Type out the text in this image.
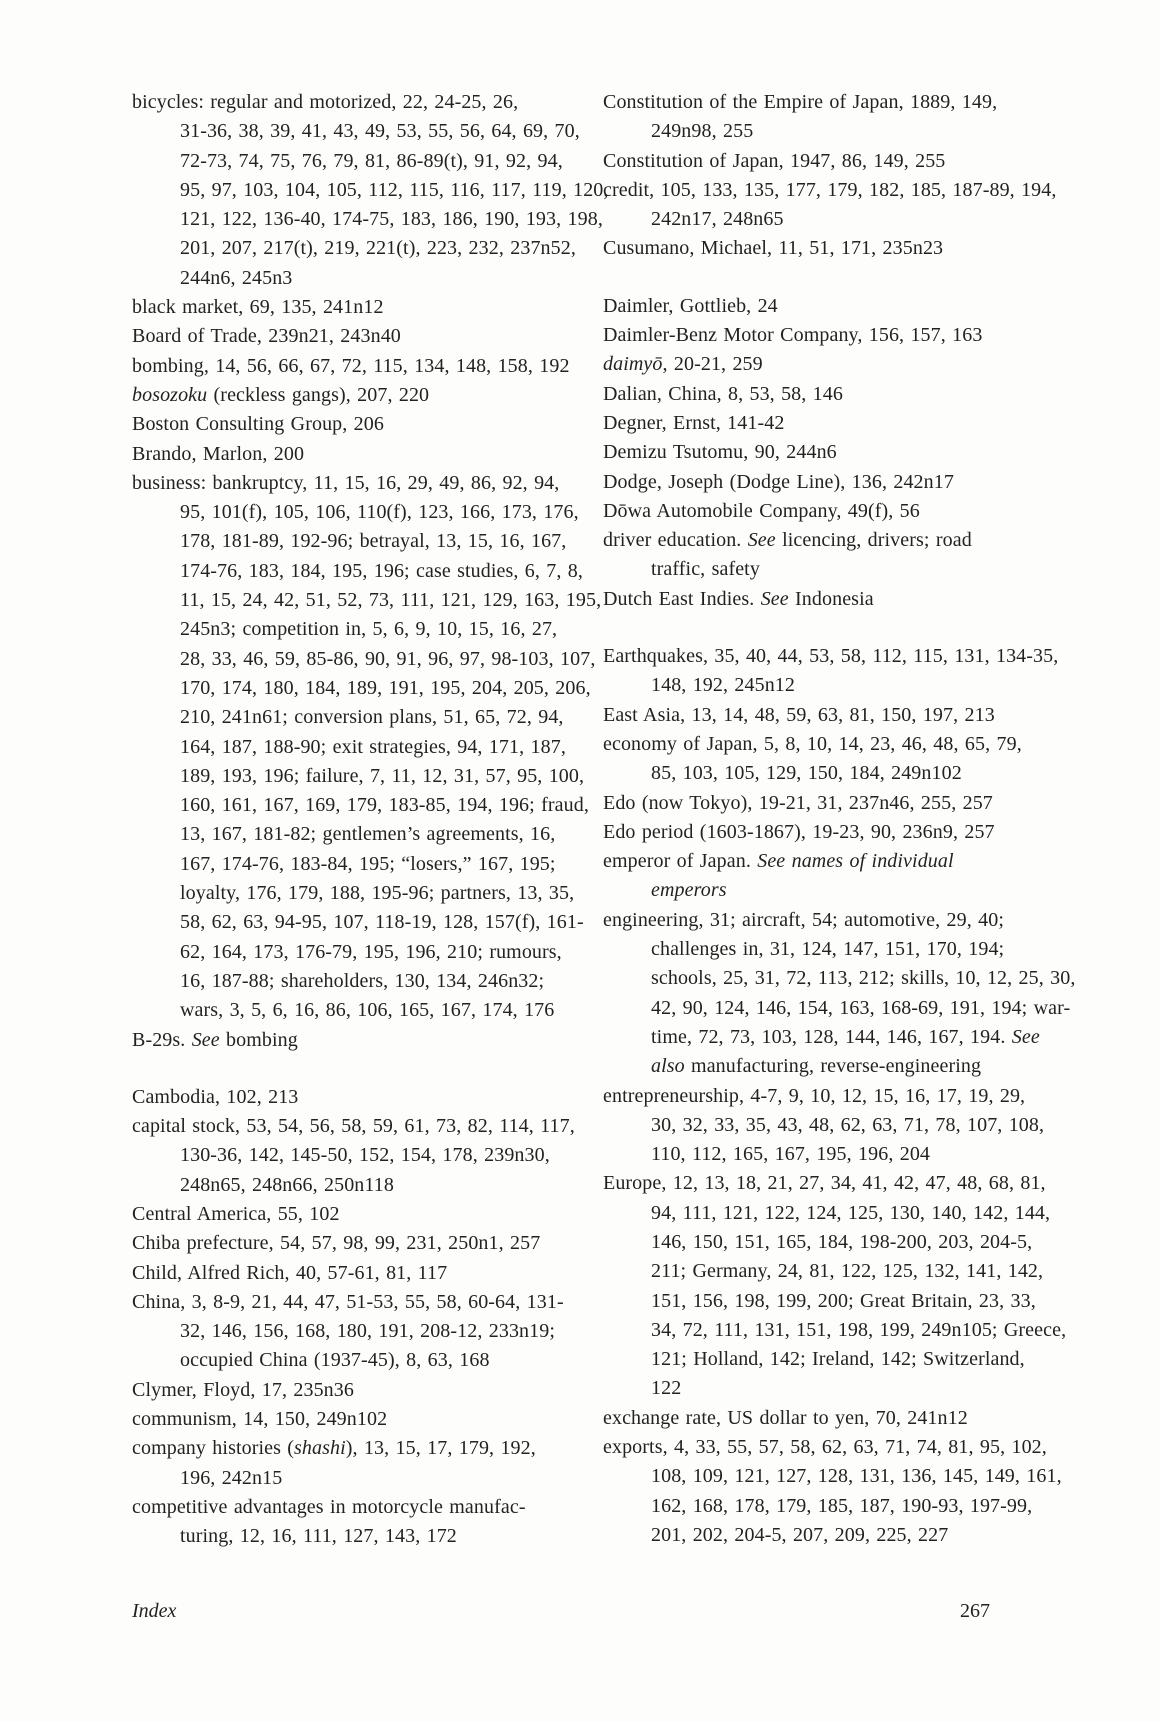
bicycles: regular and motorized, 22, 24-25, 26,
31-36, 38, 39, 41, 43, 49, 53, 55, 56, 64, 69, 70,
72-73, 74, 75, 76, 79, 81, 86-89(t), 91, 92, 94,
95, 97, 103, 104, 105, 112, 115, 116, 117, 119, 120,
121, 122, 136-40, 174-75, 183, 186, 190, 193, 198,
201, 207, 217(t), 219, 221(t), 223, 232, 237n52,
244n6, 245n3
black market, 69, 135, 241n12
Board of Trade, 239n21, 243n40
bombing, 14, 56, 66, 67, 72, 115, 134, 148, 158, 192
bosozoku (reckless gangs), 207, 220
Boston Consulting Group, 206
Brando, Marlon, 200
business: bankruptcy, 11, 15, 16, 29, 49, 86, 92, 94,
95, 101(f), 105, 106, 110(f), 123, 166, 173, 176,
178, 181-89, 192-96; betrayal, 13, 15, 16, 167,
174-76, 183, 184, 195, 196; case studies, 6, 7, 8,
11, 15, 24, 42, 51, 52, 73, 111, 121, 129, 163, 195,
245n3; competition in, 5, 6, 9, 10, 15, 16, 27,
28, 33, 46, 59, 85-86, 90, 91, 96, 97, 98-103, 107,
170, 174, 180, 184, 189, 191, 195, 204, 205, 206,
210, 241n61; conversion plans, 51, 65, 72, 94,
164, 187, 188-90; exit strategies, 94, 171, 187,
189, 193, 196; failure, 7, 11, 12, 31, 57, 95, 100,
160, 161, 167, 169, 179, 183-85, 194, 196; fraud,
13, 167, 181-82; gentlemen’s agreements, 16,
167, 174-76, 183-84, 195; “losers,” 167, 195;
loyalty, 176, 179, 188, 195-96; partners, 13, 35,
58, 62, 63, 94-95, 107, 118-19, 128, 157(f), 161-
62, 164, 173, 176-79, 195, 196, 210; rumours,
16, 187-88; shareholders, 130, 134, 246n32;
wars, 3, 5, 6, 16, 86, 106, 165, 167, 174, 176
B-29s. See bombing
Cambodia, 102, 213
capital stock, 53, 54, 56, 58, 59, 61, 73, 82, 114, 117,
130-36, 142, 145-50, 152, 154, 178, 239n30,
248n65, 248n66, 250n118
Central America, 55, 102
Chiba prefecture, 54, 57, 98, 99, 231, 250n1, 257
Child, Alfred Rich, 40, 57-61, 81, 117
China, 3, 8-9, 21, 44, 47, 51-53, 55, 58, 60-64, 131-
32, 146, 156, 168, 180, 191, 208-12, 233n19;
occupied China (1937-45), 8, 63, 168
Clymer, Floyd, 17, 235n36
communism, 14, 150, 249n102
company histories (shashi), 13, 15, 17, 179, 192,
196, 242n15
competitive advantages in motorcycle manufac-
turing, 12, 16, 111, 127, 143, 172
Constitution of the Empire of Japan, 1889, 149,
249n98, 255
Constitution of Japan, 1947, 86, 149, 255
credit, 105, 133, 135, 177, 179, 182, 185, 187-89, 194,
242n17, 248n65
Cusumano, Michael, 11, 51, 171, 235n23
Daimler, Gottlieb, 24
Daimler-Benz Motor Company, 156, 157, 163
daimyō, 20-21, 259
Dalian, China, 8, 53, 58, 146
Degner, Ernst, 141-42
Demizu Tsutomu, 90, 244n6
Dodge, Joseph (Dodge Line), 136, 242n17
Dōwa Automobile Company, 49(f), 56
driver education. See licencing, drivers; road
traffic, safety
Dutch East Indies. See Indonesia
Earthquakes, 35, 40, 44, 53, 58, 112, 115, 131, 134-35,
148, 192, 245n12
East Asia, 13, 14, 48, 59, 63, 81, 150, 197, 213
economy of Japan, 5, 8, 10, 14, 23, 46, 48, 65, 79,
85, 103, 105, 129, 150, 184, 249n102
Edo (now Tokyo), 19-21, 31, 237n46, 255, 257
Edo period (1603-1867), 19-23, 90, 236n9, 257
emperor of Japan. See names of individual
emperors
engineering, 31; aircraft, 54; automotive, 29, 40;
challenges in, 31, 124, 147, 151, 170, 194;
schools, 25, 31, 72, 113, 212; skills, 10, 12, 25, 30,
42, 90, 124, 146, 154, 163, 168-69, 191, 194; war-
time, 72, 73, 103, 128, 144, 146, 167, 194. See
also manufacturing, reverse-engineering
entrepreneurship, 4-7, 9, 10, 12, 15, 16, 17, 19, 29,
30, 32, 33, 35, 43, 48, 62, 63, 71, 78, 107, 108,
110, 112, 165, 167, 195, 196, 204
Europe, 12, 13, 18, 21, 27, 34, 41, 42, 47, 48, 68, 81,
94, 111, 121, 122, 124, 125, 130, 140, 142, 144,
146, 150, 151, 165, 184, 198-200, 203, 204-5,
211; Germany, 24, 81, 122, 125, 132, 141, 142,
151, 156, 198, 199, 200; Great Britain, 23, 33,
34, 72, 111, 131, 151, 198, 199, 249n105; Greece,
121; Holland, 142; Ireland, 142; Switzerland,
122
exchange rate, US dollar to yen, 70, 241n12
exports, 4, 33, 55, 57, 58, 62, 63, 71, 74, 81, 95, 102,
108, 109, 121, 127, 128, 131, 136, 145, 149, 161,
162, 168, 178, 179, 185, 187, 190-93, 197-99,
201, 202, 204-5, 207, 209, 225, 227
Index	267
